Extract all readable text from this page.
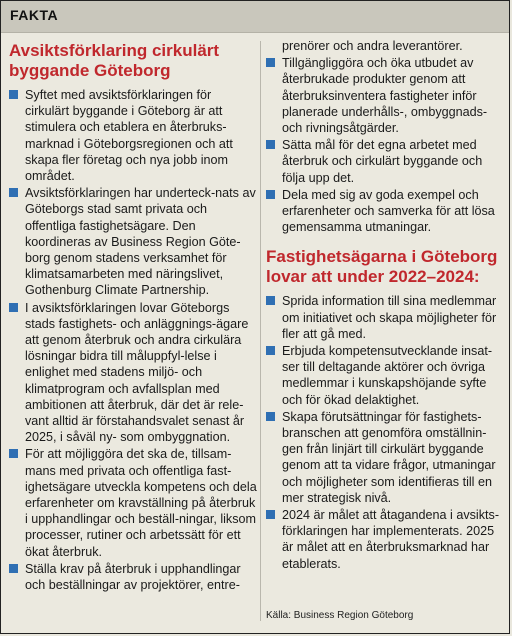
FAKTA
Avsiktsförklaring cirkulärt byggande Göteborg
Syftet med avsiktsförklaringen för cirkulärt byggande i Göteborg är att stimulera och etablera en återbruks-marknad i Göteborgsregionen och att skapa fler företag och nya jobb inom området.
Avsiktsförklaringen har underteck-nats av Göteborgs stad samt privata och offentliga fastighetsägare. Den koordineras av Business Region Göte-borg genom stadens verksamhet för klimatsamarbeten med näringslivet, Gothenburg Climate Partnership.
I avsiktsförklaringen lovar Göteborgs stads fastighets- och anläggnings-ägare att genom återbruk och andra cirkulära lösningar bidra till måluppfyl-lelse i enlighet med stadens miljö- och klimatprogram och avfallsplan med ambitionen att återbruk, där det är rele-vant alltid är förstahandsvalet senast år 2025, i såväl ny- som ombyggnation.
För att möjliggöra det ska de, tillsam-mans med privata och offentliga fast-ighetsägare utveckla kompetens och dela erfarenheter om kravställning på återbruk i upphandlingar och beställ-ningar, liksom processer, rutiner och arbetssätt för ett ökat återbruk.
Ställa krav på återbruk i upphandlingar och beställningar av projektörer, entre-
prenörer och andra leverantörer.
Tillgängliggöra och öka utbudet av återbrukade produkter genom att återbruksinventera fastigheter inför planerade underhålls-, ombyggnads- och rivningsåtgärder.
Sätta mål för det egna arbetet med återbruk och cirkulärt byggande och följa upp det.
Dela med sig av goda exempel och erfarenheter och samverka för att lösa gemensamma utmaningar.
Fastighetsägarna i Göteborg lovar att under 2022–2024:
Sprida information till sina medlemmar om initiativet och skapa möjligheter för fler att gå med.
Erbjuda kompetensutvecklande insat-ser till deltagande aktörer och övriga medlemmar i kunskapshöjande syfte och för ökad delaktighet.
Skapa förutsättningar för fastighets-branschen att genomföra omställnin-gen från linjärt till cirkulärt byggande genom att ta vidare frågor, utmaningar och möjligheter som identifieras till en mer strategisk nivå.
2024 är målet att åtagandena i avsikts-förklaringen har implementerats. 2025 är målet att en återbruksmarknad har etablerats.
Källa: Business Region Göteborg
